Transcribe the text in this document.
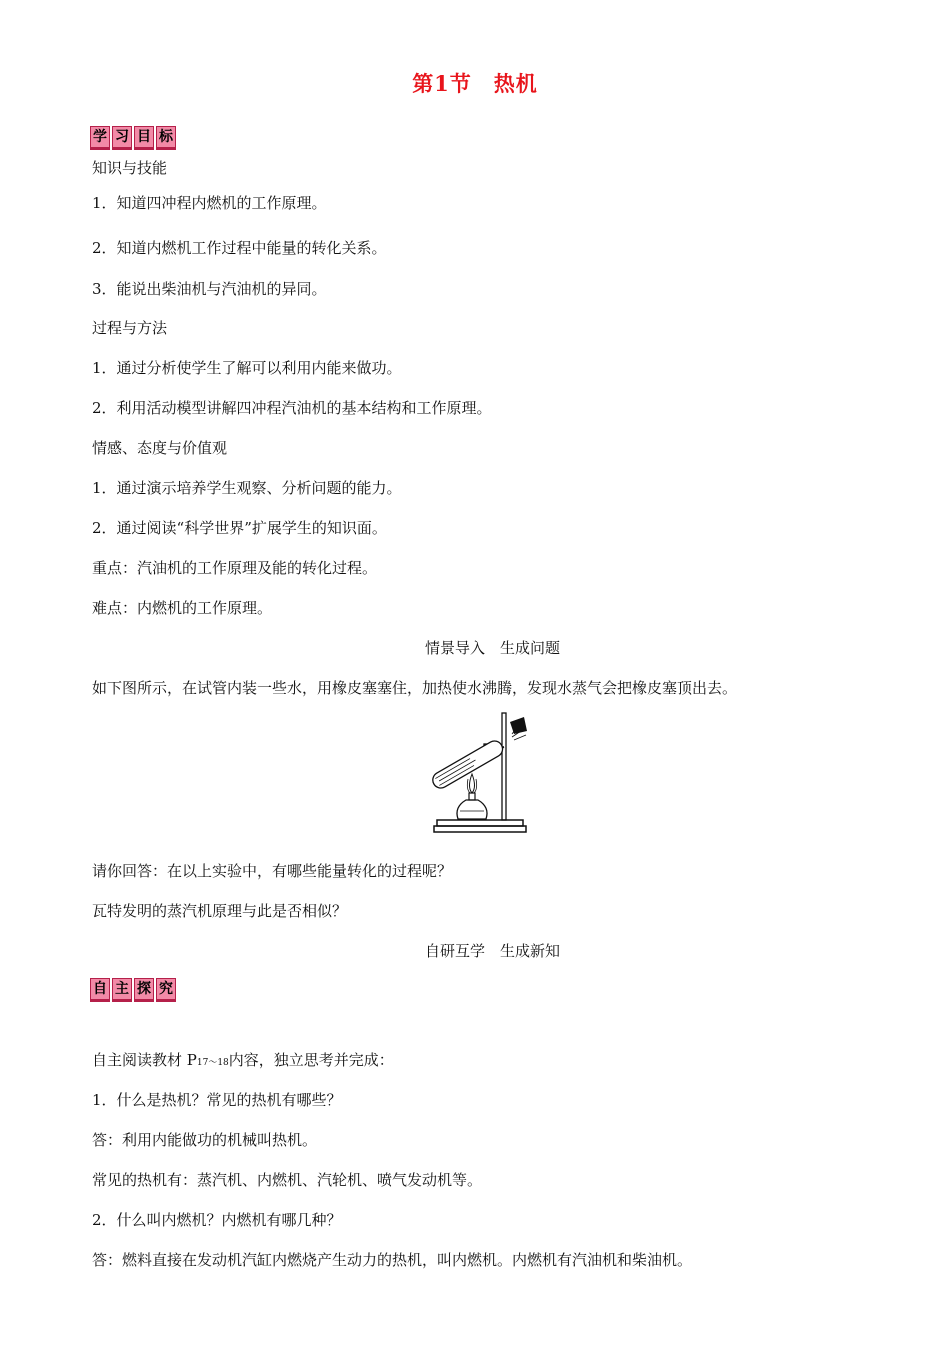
第1节　热机
学 习 目 标
知识与技能
1．知道四冲程内燃机的工作原理。
2．知道内燃机工作过程中能量的转化关系。
3．能说出柴油机与汽油机的异同。
过程与方法
1．通过分析使学生了解可以利用内能来做功。
2．利用活动模型讲解四冲程汽油机的基本结构和工作原理。
情感、态度与价值观
1．通过演示培养学生观察、分析问题的能力。
2．通过阅读“科学世界”扩展学生的知识面。
重点：汽油机的工作原理及能的转化过程。
难点：内燃机的工作原理。
情景导入　生成问题
如下图所示，在试管内装一些水，用橡皮塞塞住，加热使水沸腾，发现水蒸气会把橡皮塞顶出去。
请你回答：在以上实验中，有哪些能量转化的过程呢？
瓦特发明的蒸汽机原理与此是否相似？
自研互学　生成新知
自 主 探 究
自主阅读教材 P17～18内容，独立思考并完成：
1．什么是热机？常见的热机有哪些？
答：利用内能做功的机械叫热机。
常见的热机有：蒸汽机、内燃机、汽轮机、喷气发动机等。
2．什么叫内燃机？内燃机有哪几种？
答：燃料直接在发动机汽缸内燃烧产生动力的热机，叫内燃机。内燃机有汽油机和柴油机。
